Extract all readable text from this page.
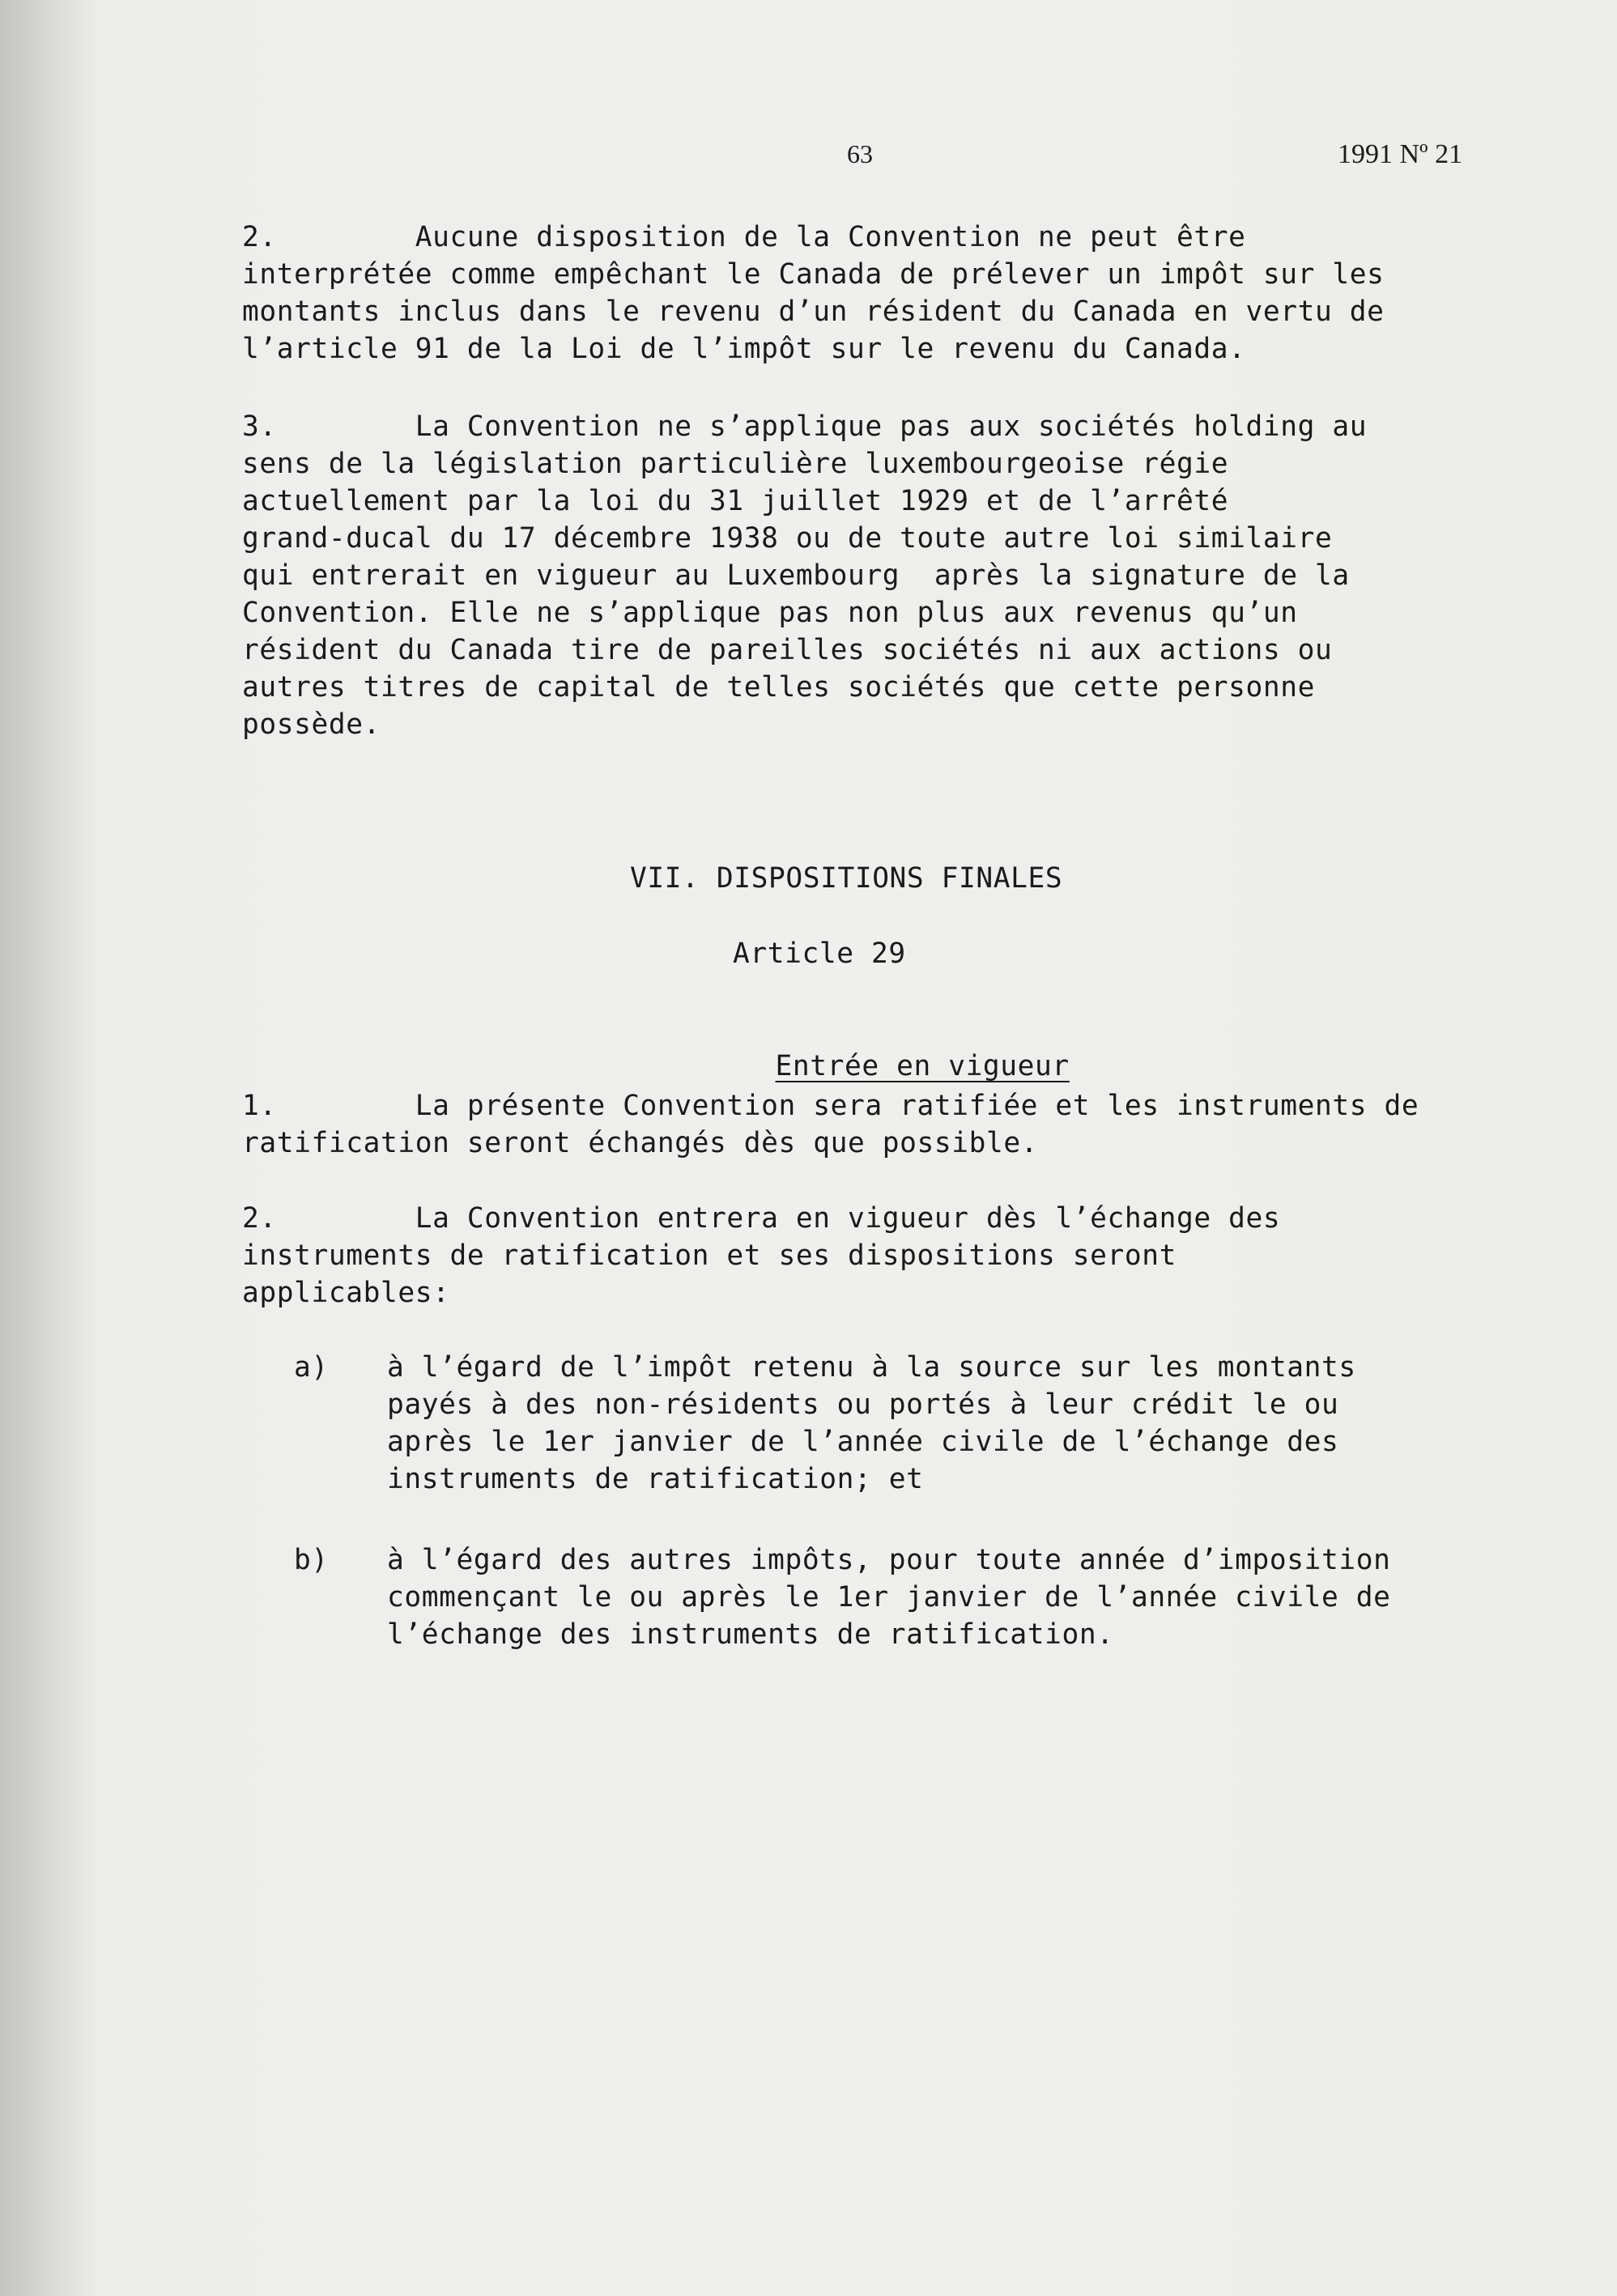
63	1991 Nº 21
2.        Aucune disposition de la Convention ne peut être
interprétée comme empêchant le Canada de prélever un impôt sur les
montants inclus dans le revenu d’un résident du Canada en vertu de
l’article 91 de la Loi de l’impôt sur le revenu du Canada.
3.        La Convention ne s’applique pas aux sociétés holding au
sens de la législation particulière luxembourgeoise régie
actuellement par la loi du 31 juillet 1929 et de l’arrêté
grand-ducal du 17 décembre 1938 ou de toute autre loi similaire
qui entrerait en vigueur au Luxembourg  après la signature de la
Convention. Elle ne s’applique pas non plus aux revenus qu’un
résident du Canada tire de pareilles sociétés ni aux actions ou
autres titres de capital de telles sociétés que cette personne
possède.
VII. DISPOSITIONS FINALES
Article 29

Entrée en vigueur

1.        La présente Convention sera ratifiée et les instruments de
ratification seront échangés dès que possible.
2.        La Convention entrera en vigueur dès l’échange des
instruments de ratification et ses dispositions seront
applicables:
a)	à l’égard de l’impôt retenu à la source sur les montants
payés à des non-résidents ou portés à leur crédit le ou
après le 1er janvier de l’année civile de l’échange des
instruments de ratification; et
b)	à l’égard des autres impôts, pour toute année d’imposition
commençant le ou après le 1er janvier de l’année civile de
l’échange des instruments de ratification.
